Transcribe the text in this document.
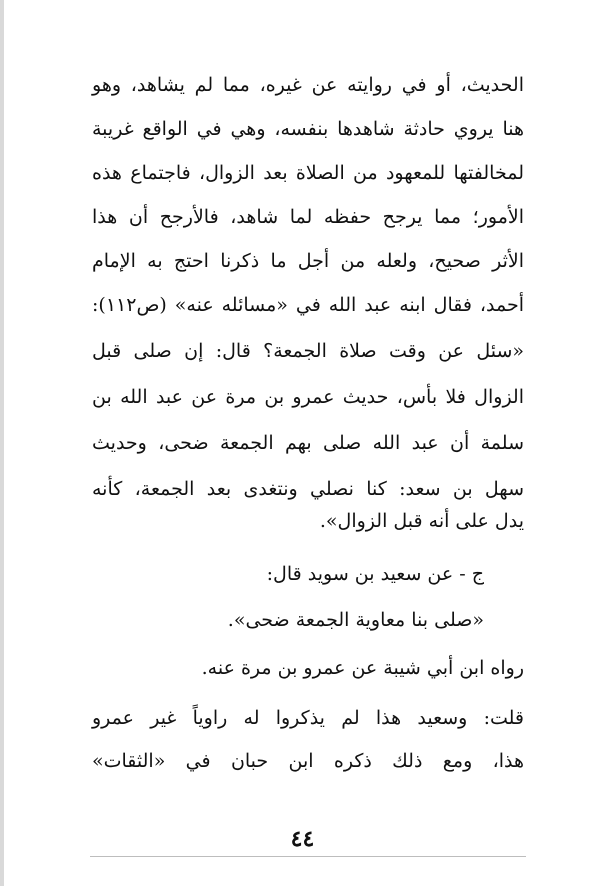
الحديث، أو في روايته عن غيره، مما لم يشاهد، وهو
هنا يروي حادثة شاهدها بنفسه، وهي في الواقع غريبة
لمخالفتها للمعهود من الصلاة بعد الزوال، فاجتماع هذه
الأمور؛ مما يرجح حفظه لما شاهد، فالأرجح أن هذا
الأثر صحيح، ولعله من أجل ما ذكرنا احتج به الإمام
أحمد، فقال ابنه عبد الله في «مسائله عنه» (ص١١٢):
«سئل عن وقت صلاة الجمعة؟ قال: إن صلى قبل
الزوال فلا بأس، حديث عمرو بن مرة عن عبد الله بن
سلمة أن عبد الله صلى بهم الجمعة ضحى، وحديث
سهل بن سعد: كنا نصلي ونتغدى بعد الجمعة، كأنه
يدل على أنه قبل الزوال».
ج - عن سعيد بن سويد قال:
«صلى بنا معاوية الجمعة ضحى».
رواه ابن أبي شيبة عن عمرو بن مرة عنه.
قلت: وسعيد هذا لم يذكروا له راوياً غير عمرو
هذا، ومع ذلك ذكره ابن حبان في «الثقات»
٤٤
